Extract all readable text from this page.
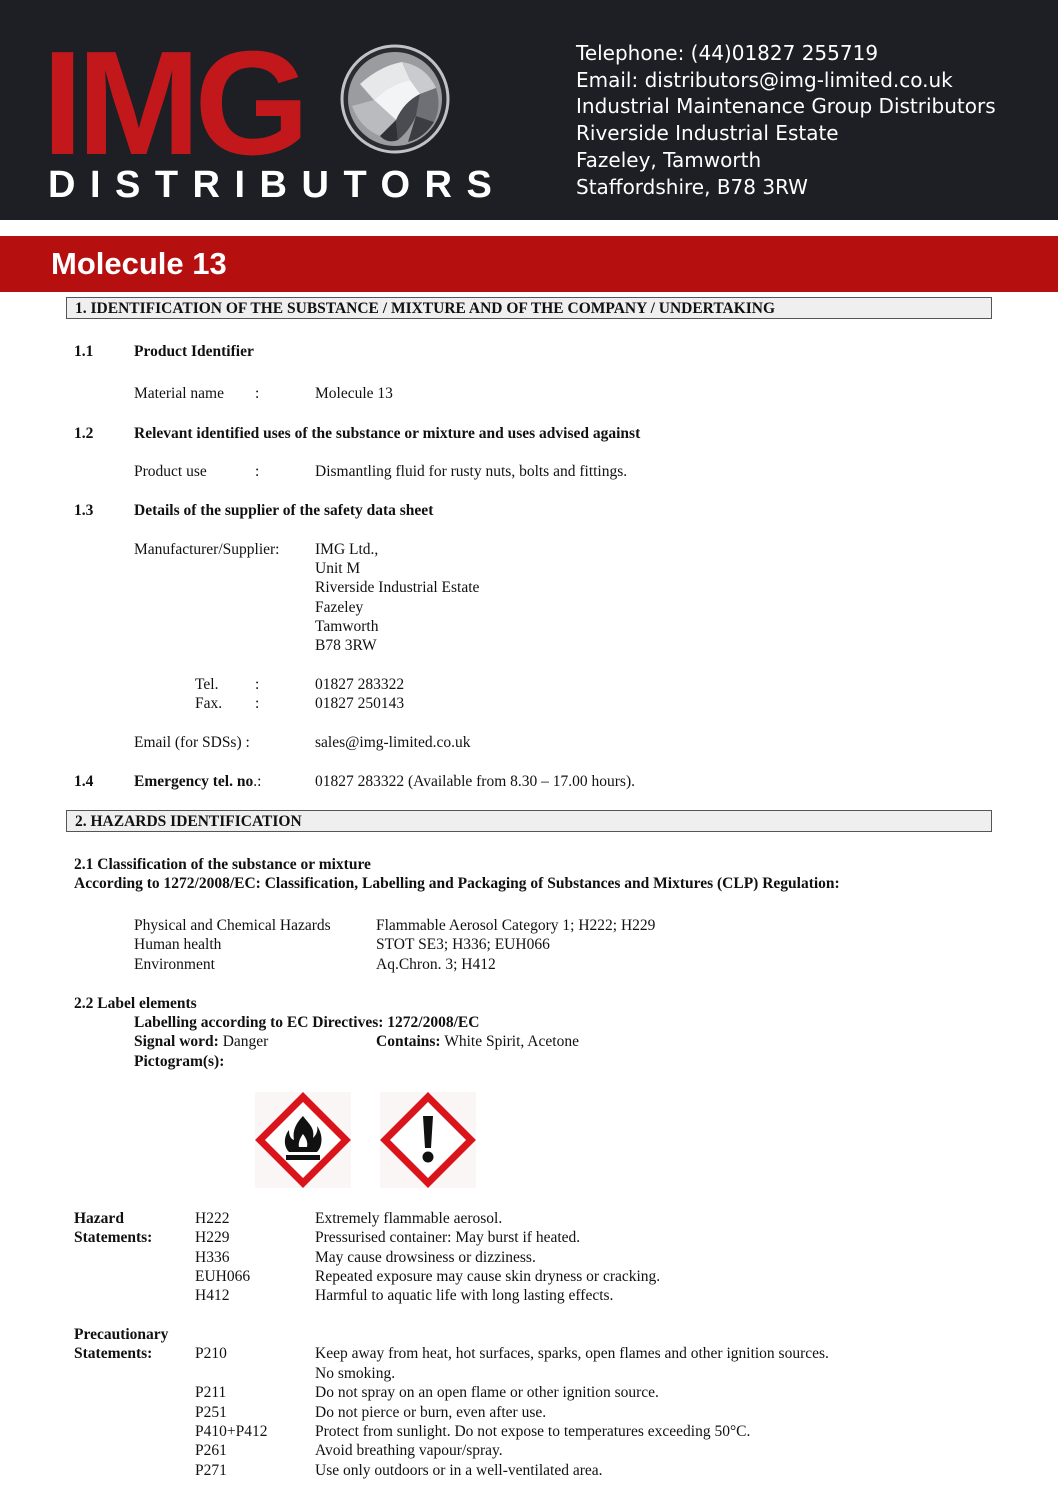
IMG
DISTRIBUTORS
Telephone: (44)01827 255719
Email: distributors@img-limited.co.uk
Industrial Maintenance Group Distributors
Riverside Industrial Estate
Fazeley, Tamworth
Staffordshire, B78 3RW
Molecule 13
1. IDENTIFICATION OF THE SUBSTANCE / MIXTURE AND OF THE COMPANY / UNDERTAKING
1.1	Product Identifier
Material name :	Molecule 13
1.2	Relevant identified uses of the substance or mixture and uses advised against
Product use	:	Dismantling fluid for rusty nuts, bolts and fittings.
1.3	Details of the supplier of the safety data sheet
Manufacturer/Supplier: IMG Ltd.,
Unit M
Riverside Industrial Estate
Fazeley
Tamworth
B78 3RW
Tel. :	01827 283322
Fax. :	01827 250143
Email (for SDSs) :	sales@img-limited.co.uk
1.4	Emergency tel. no.:	01827 283322 (Available from 8.30 – 17.00 hours).
2. HAZARDS IDENTIFICATION
2.1 Classification of the substance or mixture
According to 1272/2008/EC: Classification, Labelling and Packaging of Substances and Mixtures (CLP) Regulation:
Physical and Chemical Hazards	Flammable Aerosol Category 1; H222; H229
Human health	STOT SE3; H336; EUH066
Environment	Aq.Chron. 3; H412
2.2 Label elements
Labelling according to EC Directives: 1272/2008/EC
Signal word: Danger	Contains: White Spirit, Acetone
Pictogram(s):
Hazard
Statements:
H222	Extremely flammable aerosol.
H229	Pressurised container: May burst if heated.
H336	May cause drowsiness or dizziness.
EUH066	Repeated exposure may cause skin dryness or cracking.
H412	Harmful to aquatic life with long lasting effects.
Precautionary
Statements:	P210	Keep away from heat, hot surfaces, sparks, open flames and other ignition sources.
No smoking.
P211	Do not spray on an open flame or other ignition source.
P251	Do not pierce or burn, even after use.
P410+P412	Protect from sunlight. Do not expose to temperatures exceeding 50°C.
P261	Avoid breathing vapour/spray.
P271	Use only outdoors or in a well-ventilated area.
